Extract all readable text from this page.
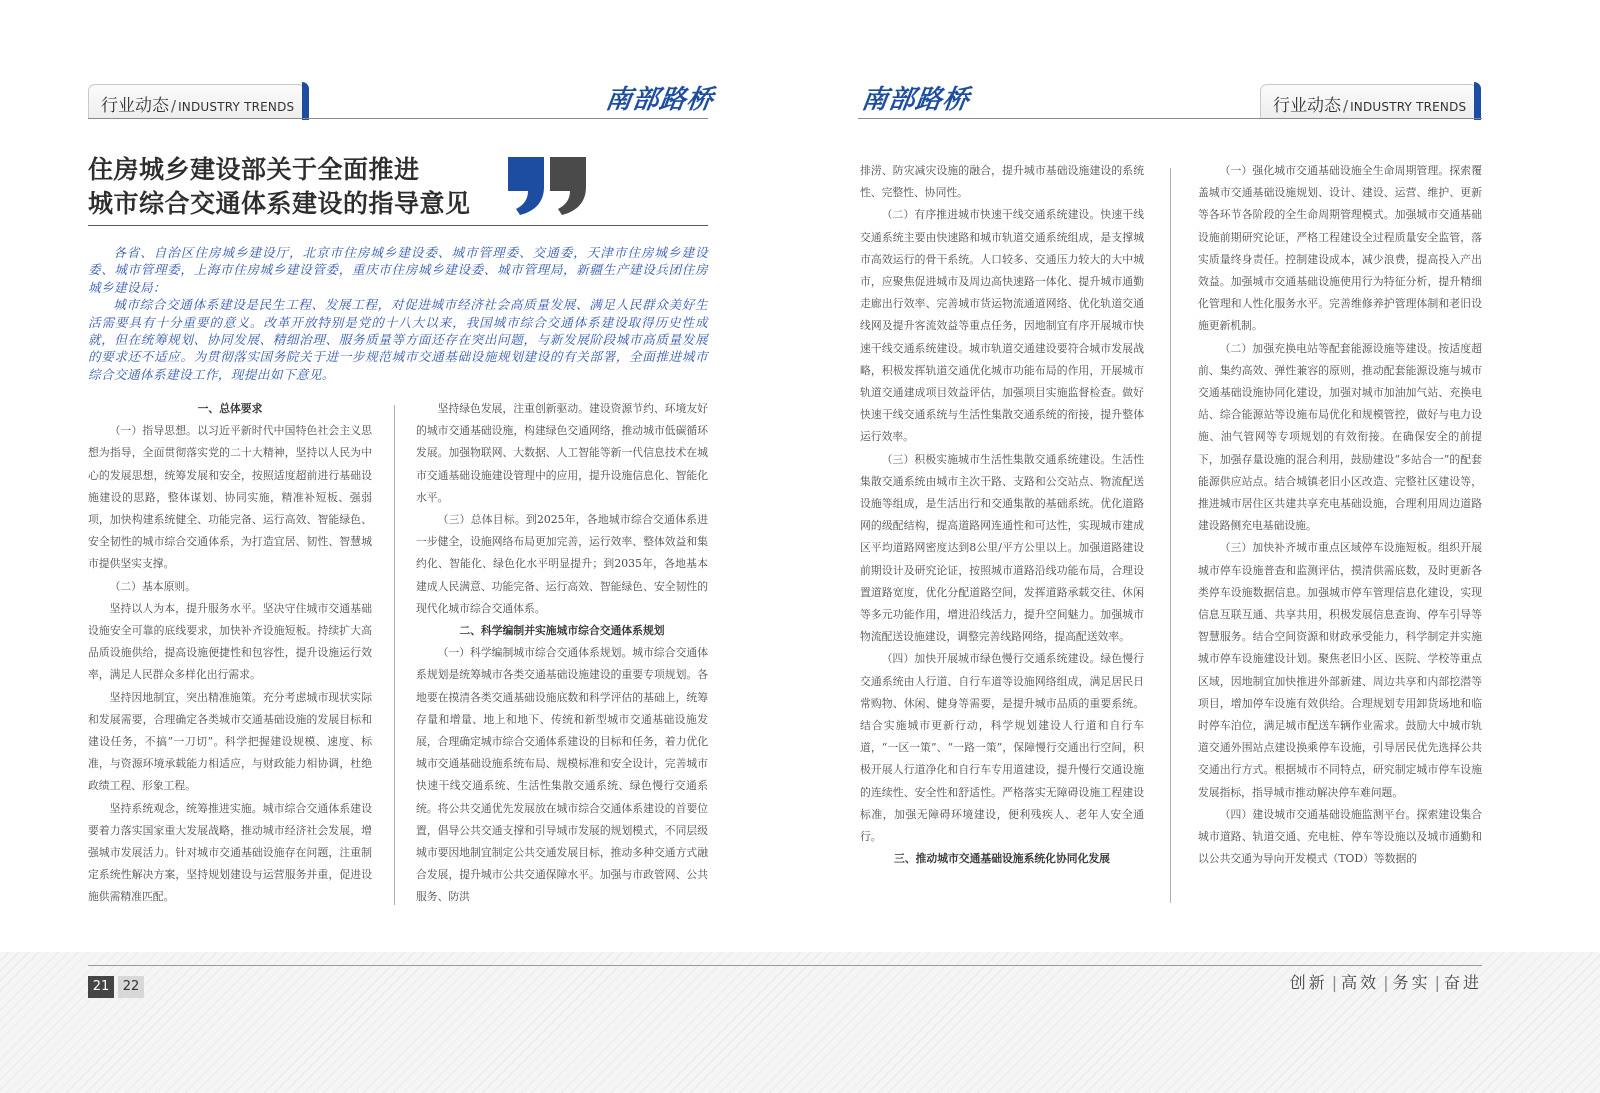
行业动态 / INDUSTRY TRENDS	南部路桥
住房城乡建设部关于全面推进
城市综合交通体系建设的指导意见

各省、自治区住房城乡建设厅，北京市住房城乡建设委、城市管理委、交通委，天津市住房城乡建设委、城市管理委，上海市住房城乡建设管委，重庆市住房城乡建设委、城市管理局，新疆生产建设兵团住房城乡建设局：

城市综合交通体系建设是民生工程、发展工程，对促进城市经济社会高质量发展、满足人民群众美好生活需要具有十分重要的意义。改革开放特别是党的十八大以来，我国城市综合交通体系建设取得历史性成就，但在统筹规划、协同发展、精细治理、服务质量等方面还存在突出问题，与新发展阶段城市高质量发展的要求还不适应。为贯彻落实国务院关于进一步规范城市交通基础设施规划建设的有关部署，全面推进城市综合交通体系建设工作，现提出如下意见。

一、总体要求

（一）指导思想。以习近平新时代中国特色社会主义思想为指导，全面贯彻落实党的二十大精神，坚持以人民为中心的发展思想，统筹发展和安全，按照适度超前进行基础设施建设的思路，整体谋划、协同实施，精准补短板、强弱项，加快构建系统健全、功能完备、运行高效、智能绿色、安全韧性的城市综合交通体系，为打造宜居、韧性、智慧城市提供坚实支撑。

（二）基本原则。

坚持以人为本，提升服务水平。坚决守住城市交通基础设施安全可靠的底线要求，加快补齐设施短板。持续扩大高品质设施供给，提高设施便捷性和包容性，提升设施运行效率，满足人民群众多样化出行需求。

坚持因地制宜，突出精准施策。充分考虑城市现状实际和发展需要，合理确定各类城市交通基础设施的发展目标和建设任务，不搞“一刀切”。科学把握建设规模、速度、标准，与资源环境承载能力相适应，与财政能力相协调，杜绝政绩工程、形象工程。

坚持系统观念，统筹推进实施。城市综合交通体系建设要着力落实国家重大发展战略，推动城市经济社会发展，增强城市发展活力。针对城市交通基础设施存在问题，注重制定系统性解决方案，坚持规划建设与运营服务并重，促进设施供需精准匹配。

坚持绿色发展，注重创新驱动。建设资源节约、环境友好的城市交通基础设施，构建绿色交通网络，推动城市低碳循环发展。加强物联网、大数据、人工智能等新一代信息技术在城市交通基础设施建设管理中的应用，提升设施信息化、智能化水平。

（三）总体目标。到2025年，各地城市综合交通体系进一步健全，设施网络布局更加完善，运行效率、整体效益和集约化、智能化、绿色化水平明显提升；到2035年，各地基本建成人民满意、功能完备、运行高效、智能绿色、安全韧性的现代化城市综合交通体系。

二、科学编制并实施城市综合交通体系规划

（一）科学编制城市综合交通体系规划。城市综合交通体系规划是统筹城市各类交通基础设施建设的重要专项规划。各地要在摸清各类交通基础设施底数和科学评估的基础上，统筹存量和增量、地上和地下、传统和新型城市交通基础设施发展，合理确定城市综合交通体系建设的目标和任务，着力优化城市交通基础设施系统布局、规模标准和安全设计，完善城市快速干线交通系统、生活性集散交通系统、绿色慢行交通系统。将公共交通优先发展放在城市综合交通体系建设的首要位置，倡导公共交通支撑和引导城市发展的规划模式，不同层级城市要因地制宜制定公共交通发展目标，推动多种交通方式融合发展，提升城市公共交通保障水平。加强与市政管网、公共服务、防洪

南部路桥	行业动态 / INDUSTRY TRENDS

排涝、防灾减灾设施的融合，提升城市基础设施建设的系统性、完整性、协同性。

（二）有序推进城市快速干线交通系统建设。快速干线交通系统主要由快速路和城市轨道交通系统组成，是支撑城市高效运行的骨干系统。人口较多、交通压力较大的大中城市，应聚焦促进城市及周边高快速路一体化、提升城市通勤走廊出行效率、完善城市货运物流通道网络、优化轨道交通线网及提升客流效益等重点任务，因地制宜有序开展城市快速干线交通系统建设。城市轨道交通建设要符合城市发展战略，积极发挥轨道交通优化城市功能布局的作用，开展城市轨道交通建成项目效益评估，加强项目实施监督检查。做好快速干线交通系统与生活性集散交通系统的衔接，提升整体运行效率。

（三）积极实施城市生活性集散交通系统建设。生活性集散交通系统由城市主次干路、支路和公交站点、物流配送设施等组成，是生活出行和交通集散的基础系统。优化道路网的级配结构，提高道路网连通性和可达性，实现城市建成区平均道路网密度达到8公里/平方公里以上。加强道路建设前期设计及研究论证，按照城市道路沿线功能布局，合理设置道路宽度，优化分配道路空间，发挥道路承载交往、休闲等多元功能作用，增进沿线活力，提升空间魅力。加强城市物流配送设施建设，调整完善线路网络，提高配送效率。

（四）加快开展城市绿色慢行交通系统建设。绿色慢行交通系统由人行道、自行车道等设施网络组成，满足居民日常购物、休闲、健身等需要，是提升城市品质的重要系统。结合实施城市更新行动，科学规划建设人行道和自行车道，“一区一策”、“一路一策”，保障慢行交通出行空间，积极开展人行道净化和自行车专用道建设，提升慢行交通设施的连续性、安全性和舒适性。严格落实无障碍设施工程建设标准，加强无障碍环境建设，便利残疾人、老年人安全通行。

三、推动城市交通基础设施系统化协同化发展

（一）强化城市交通基础设施全生命周期管理。探索覆盖城市交通基础设施规划、设计、建设、运营、维护、更新等各环节各阶段的全生命周期管理模式。加强城市交通基础设施前期研究论证，严格工程建设全过程质量安全监管，落实质量终身责任。控制建设成本，减少浪费，提高投入产出效益。加强城市交通基础设施使用行为特征分析，提升精细化管理和人性化服务水平。完善维修养护管理体制和老旧设施更新机制。

（二）加强充换电站等配套能源设施等建设。按适度超前、集约高效、弹性兼容的原则，推动配套能源设施与城市交通基础设施协同化建设，加强对城市加油加气站、充换电站、综合能源站等设施布局优化和规模管控，做好与电力设施、油气管网等专项规划的有效衔接。在确保安全的前提下，加强存量设施的混合利用，鼓励建设“多站合一”的配套能源供应站点。结合城镇老旧小区改造、完整社区建设等，推进城市居住区共建共享充电基础设施，合理利用周边道路建设路侧充电基础设施。

（三）加快补齐城市重点区域停车设施短板。组织开展城市停车设施普查和监测评估，摸清供需底数，及时更新各类停车设施数据信息。加强城市停车管理信息化建设，实现信息互联互通、共享共用，积极发展信息查询、停车引导等智慧服务。结合空间资源和财政承受能力，科学制定并实施城市停车设施建设计划。聚焦老旧小区、医院、学校等重点区域，因地制宜加快推进外部新建、周边共享和内部挖潜等项目，增加停车设施有效供给。合理规划专用卸货场地和临时停车泊位，满足城市配送车辆作业需求。鼓励大中城市轨道交通外围站点建设换乘停车设施，引导居民优先选择公共交通出行方式。根据城市不同特点，研究制定城市停车设施发展指标，指导城市推动解决停车难问题。

（四）建设城市交通基础设施监测平台。探索建设集合城市道路、轨道交通、充电桩、停车等设施以及城市通勤和以公共交通为导向开发模式（TOD）等数据的

21	22	创新 | 高效 | 务实 | 奋进
